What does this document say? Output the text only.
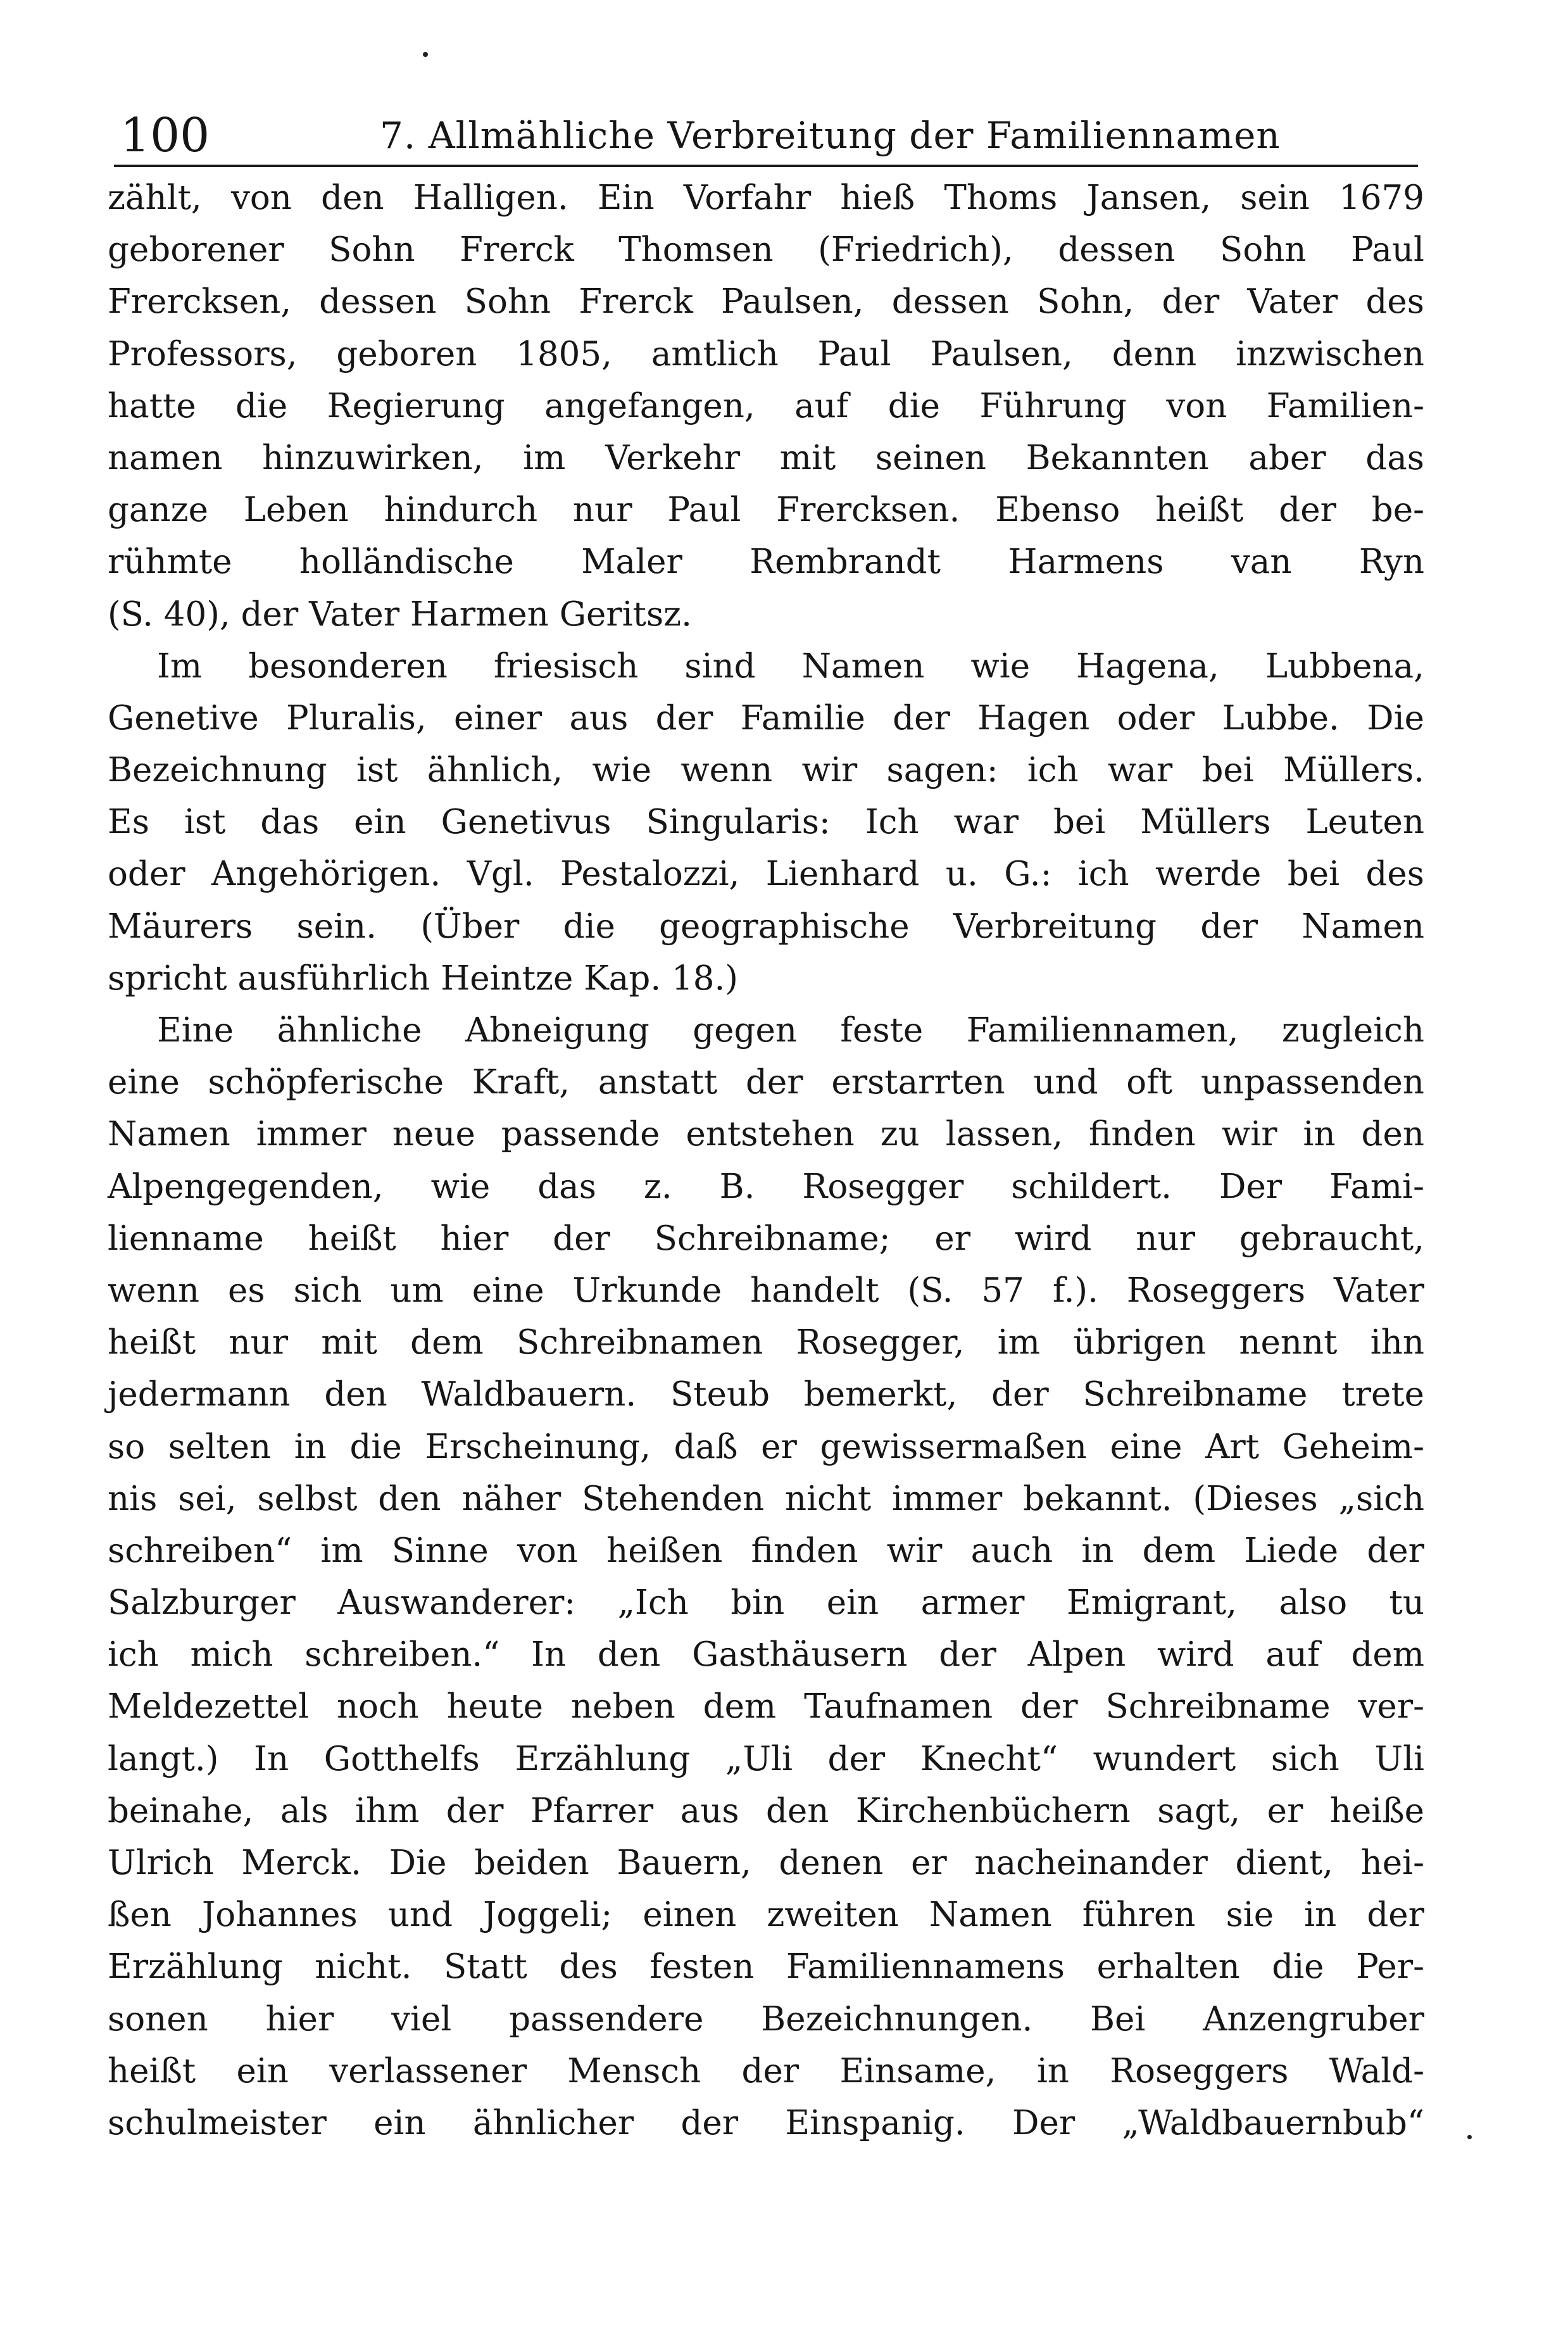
100	7. Allmähliche Verbreitung der Familiennamen
zählt, von den Halligen. Ein Vorfahr hieß Thoms Jansen, sein 1679
geborener Sohn Frerck Thomsen (Friedrich), dessen Sohn Paul
Frercksen, dessen Sohn Frerck Paulsen, dessen Sohn, der Vater des
Professors, geboren 1805, amtlich Paul Paulsen, denn inzwischen
hatte die Regierung angefangen, auf die Führung von Familien-
namen hinzuwirken, im Verkehr mit seinen Bekannten aber das
ganze Leben hindurch nur Paul Frercksen. Ebenso heißt der be-
rühmte holländische Maler Rembrandt Harmens van Ryn
(S. 40), der Vater Harmen Geritsz.
Im besonderen friesisch sind Namen wie Hagena, Lubbena,
Genetive Pluralis, einer aus der Familie der Hagen oder Lubbe. Die
Bezeichnung ist ähnlich, wie wenn wir sagen: ich war bei Müllers.
Es ist das ein Genetivus Singularis: Ich war bei Müllers Leuten
oder Angehörigen. Vgl. Pestalozzi, Lienhard u. G.: ich werde bei des
Mäurers sein. (Über die geographische Verbreitung der Namen
spricht ausführlich Heintze Kap. 18.)
Eine ähnliche Abneigung gegen feste Familiennamen, zugleich
eine schöpferische Kraft, anstatt der erstarrten und oft unpassenden
Namen immer neue passende entstehen zu lassen, finden wir in den
Alpengegenden, wie das z. B. Rosegger schildert. Der Fami-
lienname heißt hier der Schreibname; er wird nur gebraucht,
wenn es sich um eine Urkunde handelt (S. 57 f.). Roseggers Vater
heißt nur mit dem Schreibnamen Rosegger, im übrigen nennt ihn
jedermann den Waldbauern. Steub bemerkt, der Schreibname trete
so selten in die Erscheinung, daß er gewissermaßen eine Art Geheim-
nis sei, selbst den näher Stehenden nicht immer bekannt. (Dieses „sich
schreiben“ im Sinne von heißen finden wir auch in dem Liede der
Salzburger Auswanderer: „Ich bin ein armer Emigrant, also tu
ich mich schreiben.“ In den Gasthäusern der Alpen wird auf dem
Meldezettel noch heute neben dem Taufnamen der Schreibname ver-
langt.) In Gotthelfs Erzählung „Uli der Knecht“ wundert sich Uli
beinahe, als ihm der Pfarrer aus den Kirchenbüchern sagt, er heiße
Ulrich Merck. Die beiden Bauern, denen er nacheinander dient, hei-
ßen Johannes und Joggeli; einen zweiten Namen führen sie in der
Erzählung nicht. Statt des festen Familiennamens erhalten die Per-
sonen hier viel passendere Bezeichnungen. Bei Anzengruber
heißt ein verlassener Mensch der Einsame, in Roseggers Wald-
schulmeister ein ähnlicher der Einspanig. Der „Waldbauernbub“
